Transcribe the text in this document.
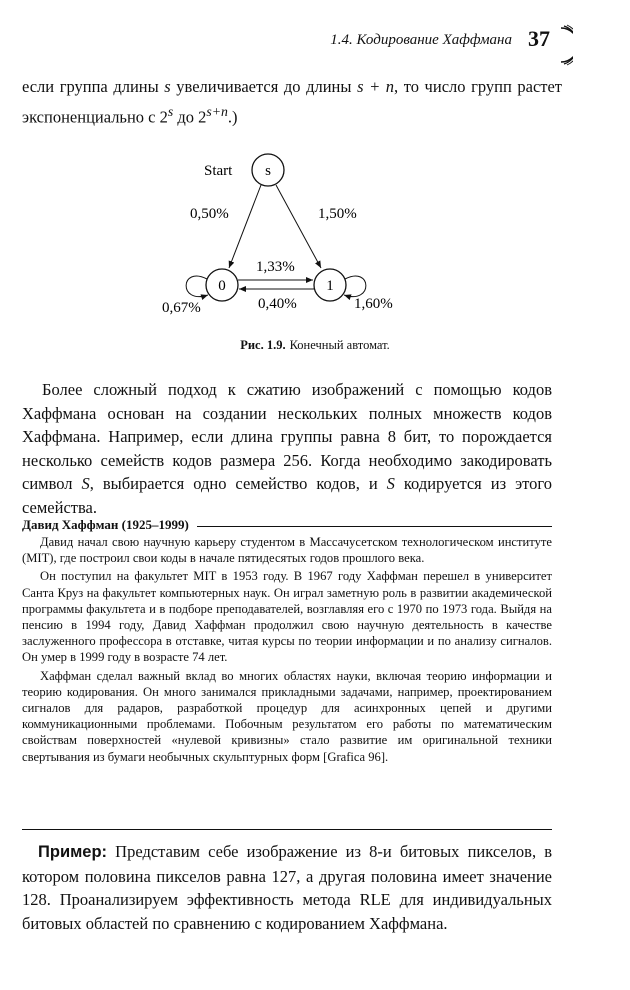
1.4. Кодирование Хаффмана 37
если группа длины s увеличивается до длины s + n, то число групп растет экспоненциально с 2$^s$ до $2^{s+n}$.)
s
0	1
Start
0,50%	1,50%
1,33%
0,40%
0,67%	1,60%
Рис. 1.9. Конечный автомат.
Более сложный подход к сжатию изображений с помощью кодов Хаффмана основан на создании нескольких полных множеств кодов Хаффмана. Например, если длина группы равна 8 бит, то порождается несколько семейств кодов размера 256. Когда необходимо закодировать символ S, выбирается одно семейство кодов, и S кодируется из этого семейства.
Давид Хаффман (1925–1999)

Давид начал свою научную карьеру студентом в Массачусетском технологическом институте (MIT), где построил свои коды в начале пятидесятых годов прошлого века.

Он поступил на факультет MIT в 1953 году. В 1967 году Хаффман перешел в университет Санта Круз на факультет компьютерных наук. Он играл заметную роль в развитии академической программы факультета и в подборе преподавателей, возглавляя его с 1970 по 1973 года. Выйдя на пенсию в 1994 году, Давид Хаффман продолжил свою научную деятельность в качестве заслуженного профессора в отставке, читая курсы по теории информации и по анализу сигналов. Он умер в 1999 году в возрасте 74 лет.

Хаффман сделал важный вклад во многих областях науки, включая теорию информации и теорию кодирования. Он много занимался прикладными задачами, например, проектированием сигналов для радаров, разработкой процедур для асинхронных цепей и другими коммуникационными проблемами. Побочным результатом его работы по математическим свойствам поверхностей «нулевой кривизны» стало развитие им оригинальной техники свертывания из бумаги необычных скульптурных форм [Grafica 96].

Пример: Представим себе изображение из 8-и битовых пикселов, в котором половина пикселов равна 127, а другая половина имеет значение 128. Проанализируем эффективность метода RLE для индивидуальных битовых областей по сравнению с кодированием Хаффмана.
